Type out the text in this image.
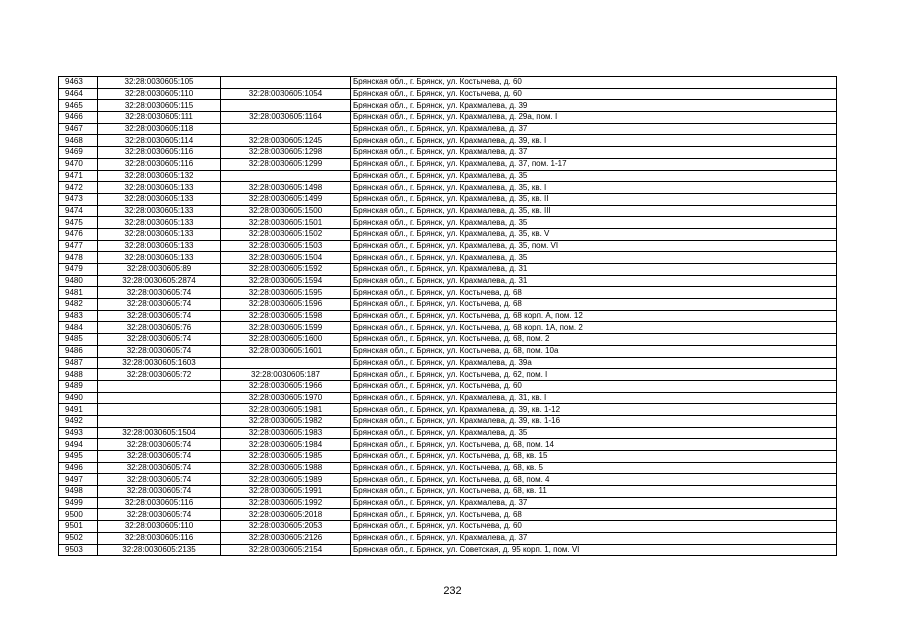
9463	32:28:0030605:105		Брянская обл., г. Брянск, ул. Костычева, д. 60
9464	32:28:0030605:110	32:28:0030605:1054	Брянская обл., г. Брянск, ул. Костычева, д. 60
9465	32:28:0030605:115		Брянская обл., г. Брянск, ул. Крахмалева, д. 39
9466	32:28:0030605:111	32:28:0030605:1164	Брянская обл., г. Брянск, ул. Крахмалева, д. 29а, пом. I
9467	32:28:0030605:118		Брянская обл., г. Брянск, ул. Крахмалева, д. 37
9468	32:28:0030605:114	32:28:0030605:1245	Брянская обл., г. Брянск, ул. Крахмалева, д. 39, кв. I
9469	32:28:0030605:116	32:28:0030605:1298	Брянская обл., г. Брянск, ул. Крахмалева, д. 37
9470	32:28:0030605:116	32:28:0030605:1299	Брянская обл., г. Брянск, ул. Крахмалева, д. 37, пом. 1-17
9471	32:28:0030605:132		Брянская обл., г. Брянск, ул. Крахмалева, д. 35
9472	32:28:0030605:133	32:28:0030605:1498	Брянская обл., г. Брянск, ул. Крахмалева, д. 35, кв. I
9473	32:28:0030605:133	32:28:0030605:1499	Брянская обл., г. Брянск, ул. Крахмалева, д. 35, кв. II
9474	32:28:0030605:133	32:28:0030605:1500	Брянская обл., г. Брянск, ул. Крахмалева, д. 35, кв. III
9475	32:28:0030605:133	32:28:0030605:1501	Брянская обл., г. Брянск, ул. Крахмалева, д. 35
9476	32:28:0030605:133	32:28:0030605:1502	Брянская обл., г. Брянск, ул. Крахмалева, д. 35, кв. V
9477	32:28:0030605:133	32:28:0030605:1503	Брянская обл., г. Брянск, ул. Крахмалева, д. 35, пом. VI
9478	32:28:0030605:133	32:28:0030605:1504	Брянская обл., г. Брянск, ул. Крахмалева, д. 35
9479	32:28:0030605:89	32:28:0030605:1592	Брянская обл., г. Брянск, ул. Крахмалева, д. 31
9480	32:28:0030605:2874	32:28:0030605:1594	Брянская обл., г. Брянск, ул. Крахмалева, д. 31
9481	32:28:0030605:74	32:28:0030605:1595	Брянская обл., г. Брянск, ул. Костычева, д. 68
9482	32:28:0030605:74	32:28:0030605:1596	Брянская обл., г. Брянск, ул. Костычева, д. 68
9483	32:28:0030605:74	32:28:0030605:1598	Брянская обл., г. Брянск, ул. Костычева, д. 68 корп. А, пом. 12
9484	32:28:0030605:76	32:28:0030605:1599	Брянская обл., г. Брянск, ул. Костычева, д. 68 корп. 1А, пом. 2
9485	32:28:0030605:74	32:28:0030605:1600	Брянская обл., г. Брянск, ул. Костычева, д. 68, пом. 2
9486	32:28:0030605:74	32:28:0030605:1601	Брянская обл., г. Брянск, ул. Костычева, д. 68, пом. 10а
9487	32:28:0030605:1603		Брянская обл., г. Брянск, ул. Крахмалева, д. 39а
9488	32:28:0030605:72	32:28:0030605:187	Брянская обл., г. Брянск, ул. Костычева, д. 62, пом. I
9489		32:28:0030605:1966	Брянская обл., г. Брянск, ул. Костычева, д. 60
9490		32:28:0030605:1970	Брянская обл., г. Брянск, ул. Крахмалева, д. 31, кв. I
9491		32:28:0030605:1981	Брянская обл., г. Брянск, ул. Крахмалева, д. 39, кв. 1-12
9492		32:28:0030605:1982	Брянская обл., г. Брянск, ул. Крахмалева, д. 39, кв. 1-16
9493	32:28:0030605:1504	32:28:0030605:1983	Брянская обл., г. Брянск, ул. Крахмалева, д. 35
9494	32:28:0030605:74	32:28:0030605:1984	Брянская обл., г. Брянск, ул. Костычева, д. 68, пом. 14
9495	32:28:0030605:74	32:28:0030605:1985	Брянская обл., г. Брянск, ул. Костычева, д. 68, кв. 15
9496	32:28:0030605:74	32:28:0030605:1988	Брянская обл., г. Брянск, ул. Костычева, д. 68, кв. 5
9497	32:28:0030605:74	32:28:0030605:1989	Брянская обл., г. Брянск, ул. Костычева, д. 68, пом. 4
9498	32:28:0030605:74	32:28:0030605:1991	Брянская обл., г. Брянск, ул. Костычева, д. 68, кв. 11
9499	32:28:0030605:116	32:28:0030605:1992	Брянская обл., г. Брянск, ул. Крахмалева, д. 37
9500	32:28:0030605:74	32:28:0030605:2018	Брянская обл., г. Брянск, ул. Костычева, д. 68
9501	32:28:0030605:110	32:28:0030605:2053	Брянская обл., г. Брянск, ул. Костычева, д. 60
9502	32:28:0030605:116	32:28:0030605:2126	Брянская обл., г. Брянск, ул. Крахмалева, д. 37
9503	32:28:0030605:2135	32:28:0030605:2154	Брянская обл., г. Брянск, ул. Советская, д. 95 корп. 1, пом. VI
232
